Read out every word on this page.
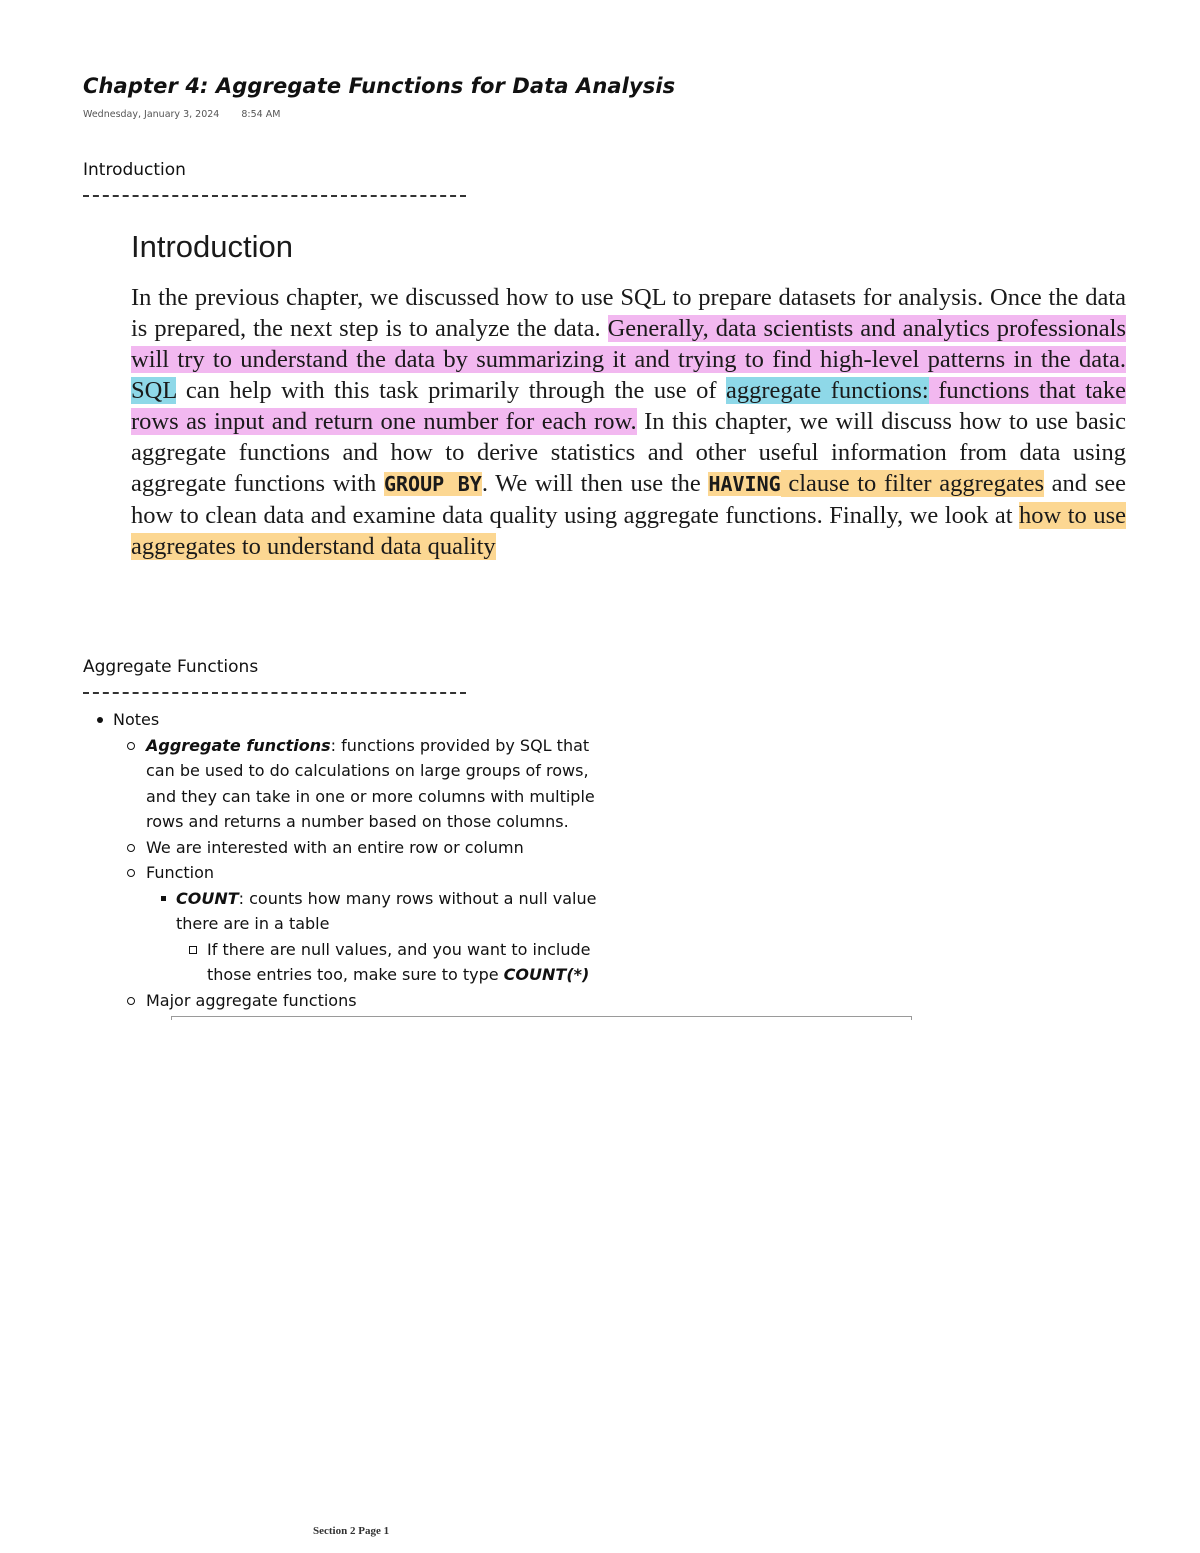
Chapter 4: Aggregate Functions for Data Analysis
Wednesday, January 3, 2024 8:54 AM
Introduction
Introduction

In the previous chapter, we discussed how to use SQL to prepare datasets for analysis. Once the data is prepared, the next step is to analyze the data. Generally, data scientists and analytics professionals will try to understand the data by summarizing it and trying to find high-level patterns in the data. SQL can help with this task primarily through the use of aggregate functions: functions that take rows as input and return one number for each row. In this chapter, we will discuss how to use basic aggregate functions and how to derive statistics and other useful information from data using aggregate functions with GROUP BY. We will then use the HAVING clause to filter aggregates and see how to clean data and examine data quality using aggregate functions. Finally, we look at how to use aggregates to understand data quality

Aggregate Functions
Notes
Aggregate functions: functions provided by SQL that can be used to do calculations on large groups of rows, and they can take in one or more columns with multiple rows and returns a number based on those columns.
We are interested with an entire row or column
Function
COUNT: counts how many rows without a null value there are in a table
If there are null values, and you want to include those entries too, make sure to type COUNT(*)
Major aggregate functions
Section 2 Page 1
